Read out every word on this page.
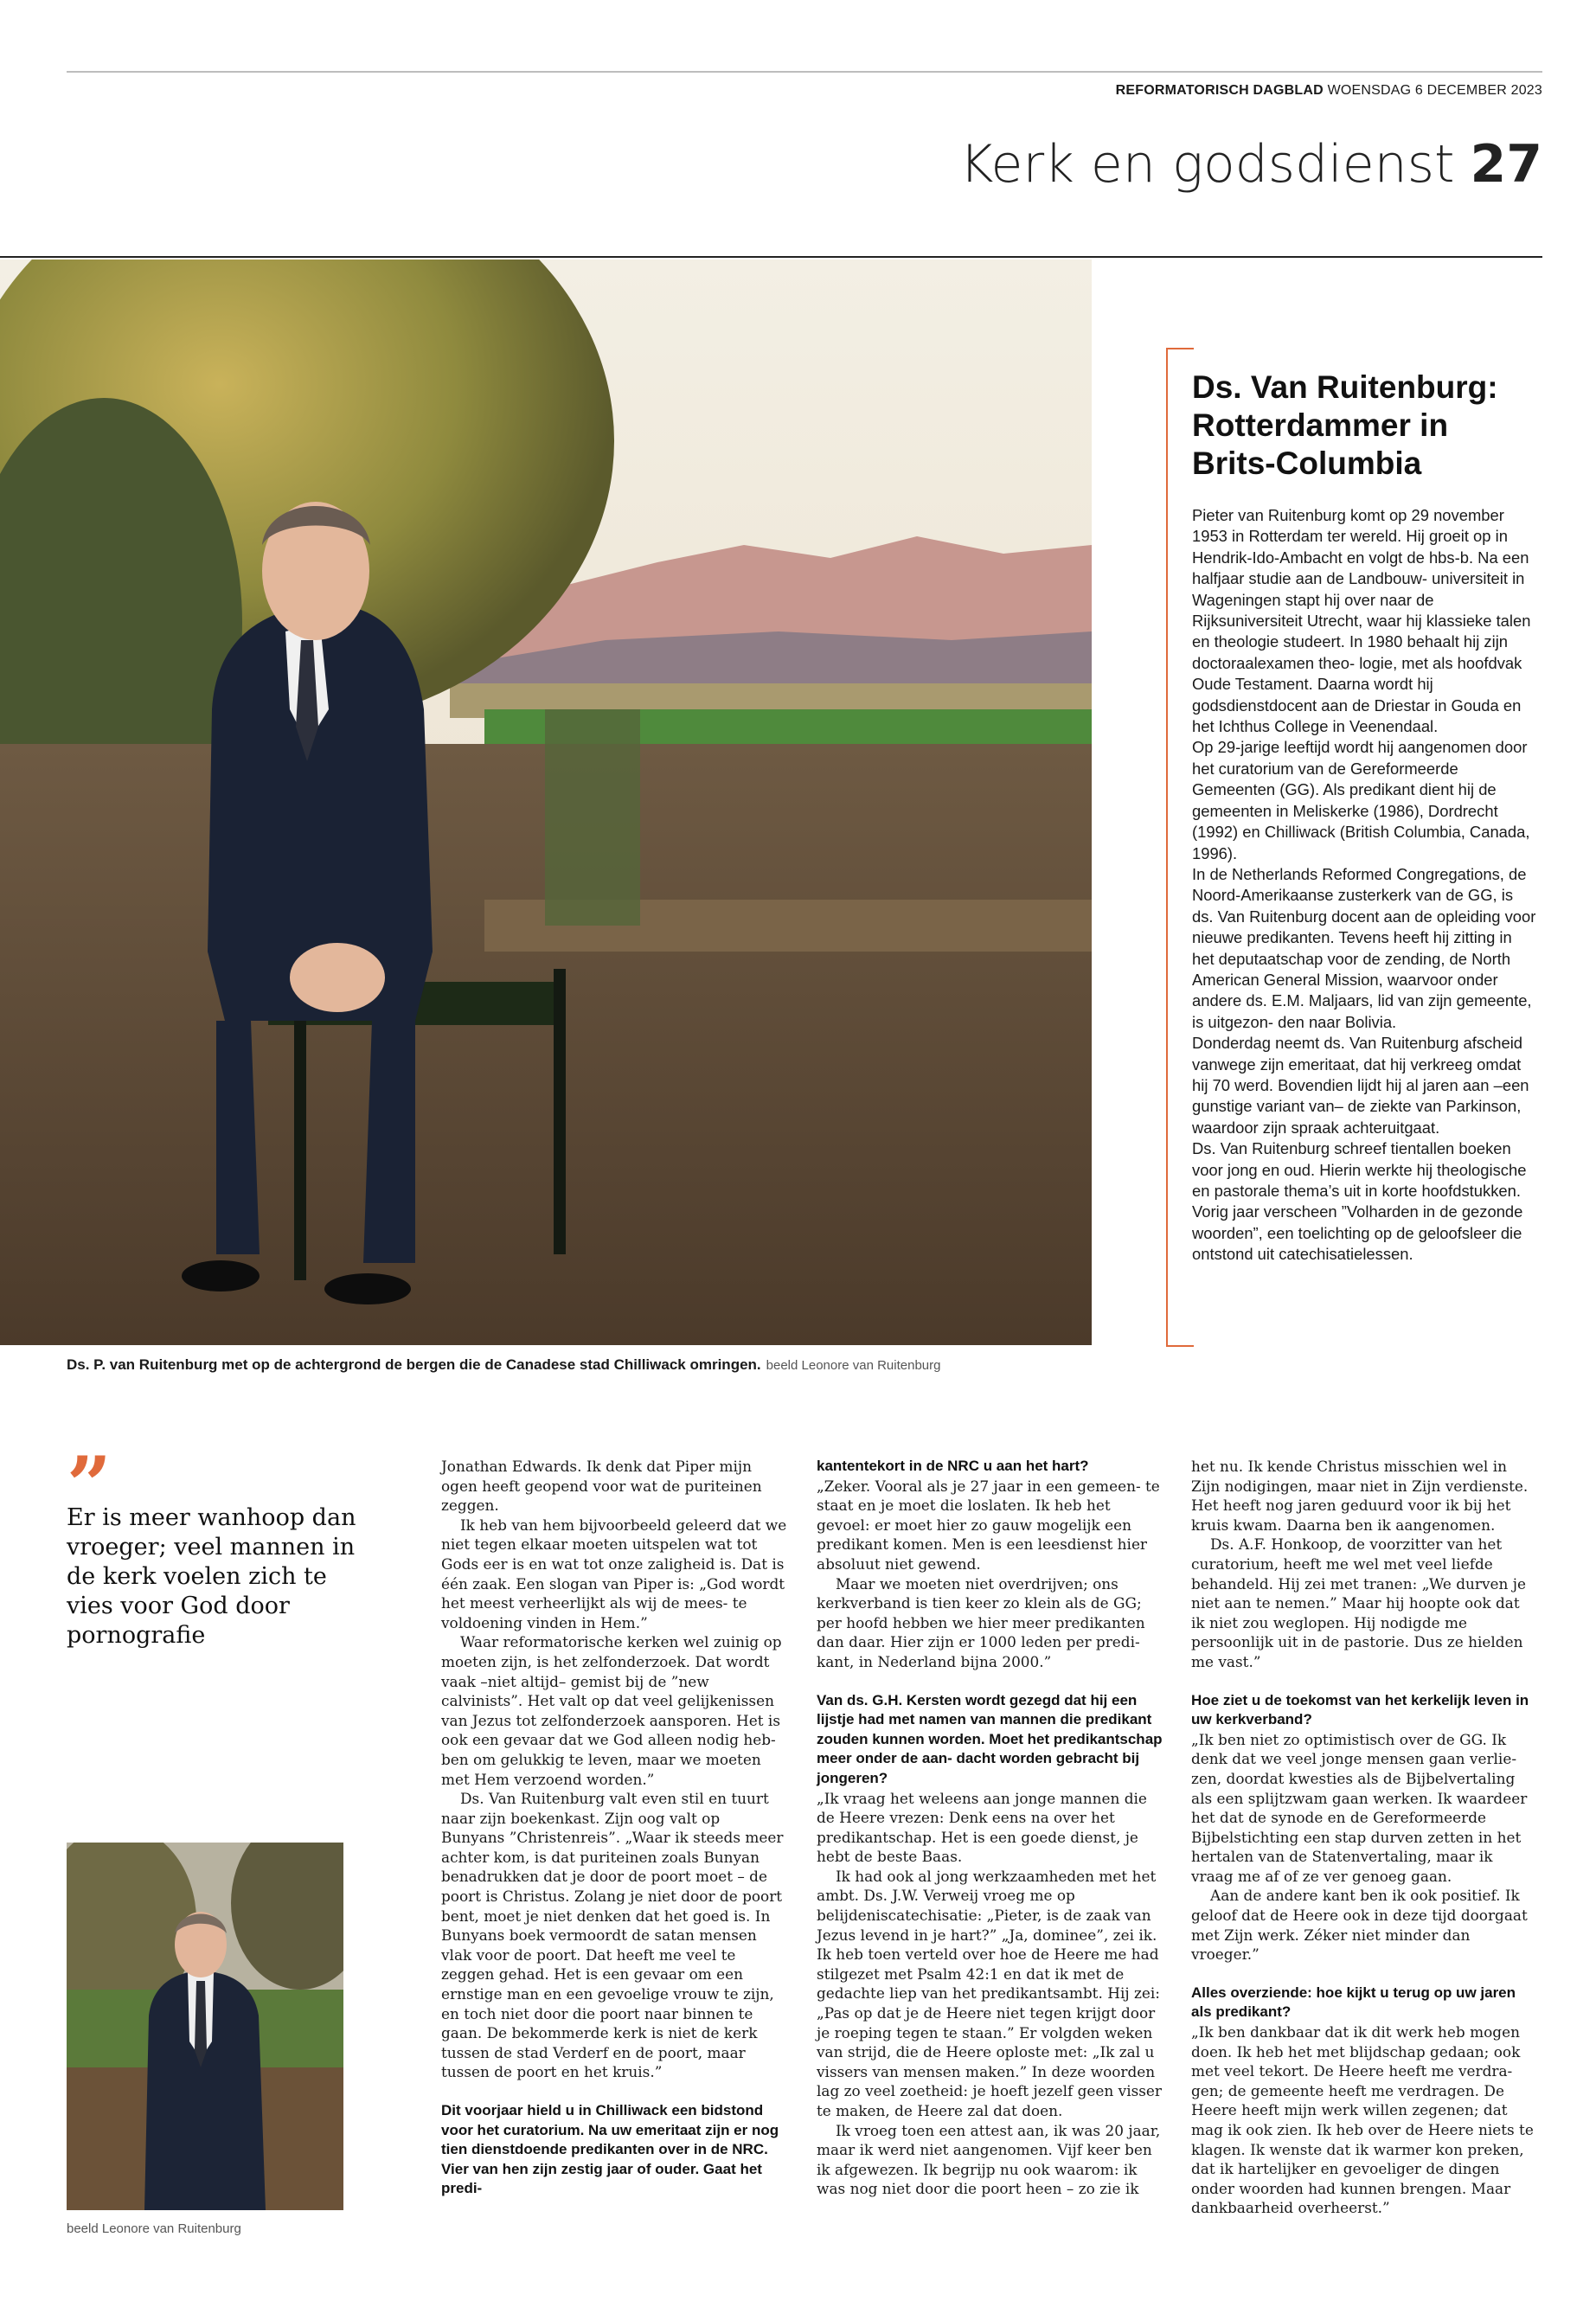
REFORMATORISCH DAGBLAD WOENSDAG 6 DECEMBER 2023
Kerk en godsdienst 27
Ds. P. van Ruitenburg met op de achtergrond de bergen die de Canadese stad Chilliwack omringen. beeld Leonore van Ruitenburg
Ds. Van Ruitenburg: Rotterdammer in Brits-Columbia

Pieter van Ruitenburg komt op 29 november 1953 in Rotterdam ter wereld. Hij groeit op in Hendrik-Ido-Ambacht en volgt de hbs-b. Na een halfjaar studie aan de Landbouw- universiteit in Wageningen stapt hij over naar de Rijksuniversiteit Utrecht, waar hij klassieke talen en theologie studeert. In 1980 behaalt hij zijn doctoraalexamen theo- logie, met als hoofdvak Oude Testament. Daarna wordt hij godsdienstdocent aan de Driestar in Gouda en het Ichthus College in Veenendaal.

Op 29-jarige leeftijd wordt hij aangenomen door het curatorium van de Gereformeerde Gemeenten (GG). Als predikant dient hij de gemeenten in Meliskerke (1986), Dordrecht (1992) en Chilliwack (British Columbia, Canada, 1996).

In de Netherlands Reformed Congregations, de Noord-Amerikaanse zusterkerk van de GG, is ds. Van Ruitenburg docent aan de opleiding voor nieuwe predikanten. Tevens heeft hij zitting in het deputaatschap voor de zending, de North American General Mission, waarvoor onder andere ds. E.M. Maljaars, lid van zijn gemeente, is uitgezon- den naar Bolivia.

Donderdag neemt ds. Van Ruitenburg afscheid vanwege zijn emeritaat, dat hij verkreeg omdat hij 70 werd. Bovendien lijdt hij al jaren aan –een gunstige variant van– de ziekte van Parkinson, waardoor zijn spraak achteruitgaat.

Ds. Van Ruitenburg schreef tientallen boeken voor jong en oud. Hierin werkte hij theologische en pastorale thema’s uit in korte hoofdstukken. Vorig jaar verscheen ”Volharden in de gezonde woorden”, een toelichting op de geloofsleer die ontstond uit catechisatielessen.

”
Er is meer wanhoop dan vroeger; veel mannen in de kerk voelen zich te vies voor God door pornografie
beeld Leonore van Ruitenburg

Jonathan Edwards. Ik denk dat Piper mijn ogen heeft geopend voor wat de puriteinen zeggen.

Ik heb van hem bijvoorbeeld geleerd dat we niet tegen elkaar moeten uitspelen wat tot Gods eer is en wat tot onze zaligheid is. Dat is één zaak. Een slogan van Piper is: „God wordt het meest verheerlijkt als wij de mees- te voldoening vinden in Hem.”

Waar reformatorische kerken wel zuinig op moeten zijn, is het zelfonderzoek. Dat wordt vaak –niet altijd– gemist bij de ”new calvinists”. Het valt op dat veel gelijkenissen van Jezus tot zelfonderzoek aansporen. Het is ook een gevaar dat we God alleen nodig heb- ben om gelukkig te leven, maar we moeten met Hem verzoend worden.”

Ds. Van Ruitenburg valt even stil en tuurt naar zijn boekenkast. Zijn oog valt op Bunyans ”Christenreis”. „Waar ik steeds meer achter kom, is dat puriteinen zoals Bunyan benadrukken dat je door de poort moet – de poort is Christus. Zolang je niet door de poort bent, moet je niet denken dat het goed is. In Bunyans boek vermoordt de satan mensen vlak voor de poort. Dat heeft me veel te zeggen gehad. Het is een gevaar om een ernstige man en een gevoelige vrouw te zijn, en toch niet door die poort naar binnen te gaan. De bekommerde kerk is niet de kerk tussen de stad Verderf en de poort, maar tussen de poort en het kruis.”

Dit voorjaar hield u in Chilliwack een bidstond voor het curatorium. Na uw emeritaat zijn er nog tien dienstdoende predikanten over in de NRC. Vier van hen zijn zestig jaar of ouder. Gaat het predi-

kantentekort in de NRC u aan het hart?

„Zeker. Vooral als je 27 jaar in een gemeen- te staat en je moet die loslaten. Ik heb het gevoel: er moet hier zo gauw mogelijk een predikant komen. Men is een leesdienst hier absoluut niet gewend.

Maar we moeten niet overdrijven; ons kerkverband is tien keer zo klein als de GG; per hoofd hebben we hier meer predikanten dan daar. Hier zijn er 1000 leden per predi- kant, in Nederland bijna 2000.”

Van ds. G.H. Kersten wordt gezegd dat hij een lijstje had met namen van mannen die predikant zouden kunnen worden. Moet het predikantschap meer onder de aan- dacht worden gebracht bij jongeren?

„Ik vraag het weleens aan jonge mannen die de Heere vrezen: Denk eens na over het predikantschap. Het is een goede dienst, je hebt de beste Baas.

Ik had ook al jong werkzaamheden met het ambt. Ds. J.W. Verweij vroeg me op belijdeniscatechisatie: „Pieter, is de zaak van Jezus levend in je hart?” „Ja, dominee”, zei ik. Ik heb toen verteld over hoe de Heere me had stilgezet met Psalm 42:1 en dat ik met de gedachte liep van het predikantsambt. Hij zei: „Pas op dat je de Heere niet tegen krijgt door je roeping tegen te staan.” Er volgden weken van strijd, die de Heere oploste met: „Ik zal u vissers van mensen maken.” In deze woorden lag zo veel zoetheid: je hoeft jezelf geen visser te maken, de Heere zal dat doen.

Ik vroeg toen een attest aan, ik was 20 jaar, maar ik werd niet aangenomen. Vijf keer ben ik afgewezen. Ik begrijp nu ook waarom: ik was nog niet door die poort heen – zo zie ik

het nu. Ik kende Christus misschien wel in Zijn nodigingen, maar niet in Zijn verdienste. Het heeft nog jaren geduurd voor ik bij het kruis kwam. Daarna ben ik aangenomen.

Ds. A.F. Honkoop, de voorzitter van het curatorium, heeft me wel met veel liefde behandeld. Hij zei met tranen: „We durven je niet aan te nemen.” Maar hij hoopte ook dat ik niet zou weglopen. Hij nodigde me persoonlijk uit in de pastorie. Dus ze hielden me vast.”

Hoe ziet u de toekomst van het kerkelijk leven in uw kerkverband?

„Ik ben niet zo optimistisch over de GG. Ik denk dat we veel jonge mensen gaan verlie- zen, doordat kwesties als de Bijbelvertaling als een splijtzwam gaan werken. Ik waardeer het dat de synode en de Gereformeerde Bijbelstichting een stap durven zetten in het hertalen van de Statenvertaling, maar ik vraag me af of ze ver genoeg gaan.

Aan de andere kant ben ik ook positief. Ik geloof dat de Heere ook in deze tijd doorgaat met Zijn werk. Zéker niet minder dan vroeger.”

Alles overziende: hoe kijkt u terug op uw jaren als predikant?

„Ik ben dankbaar dat ik dit werk heb mogen doen. Ik heb het met blijdschap gedaan; ook met veel tekort. De Heere heeft me verdra- gen; de gemeente heeft me verdragen. De Heere heeft mijn werk willen zegenen; dat mag ik ook zien. Ik heb over de Heere niets te klagen. Ik wenste dat ik warmer kon preken, dat ik hartelijker en gevoeliger de dingen onder woorden had kunnen brengen. Maar dankbaarheid overheerst.”
